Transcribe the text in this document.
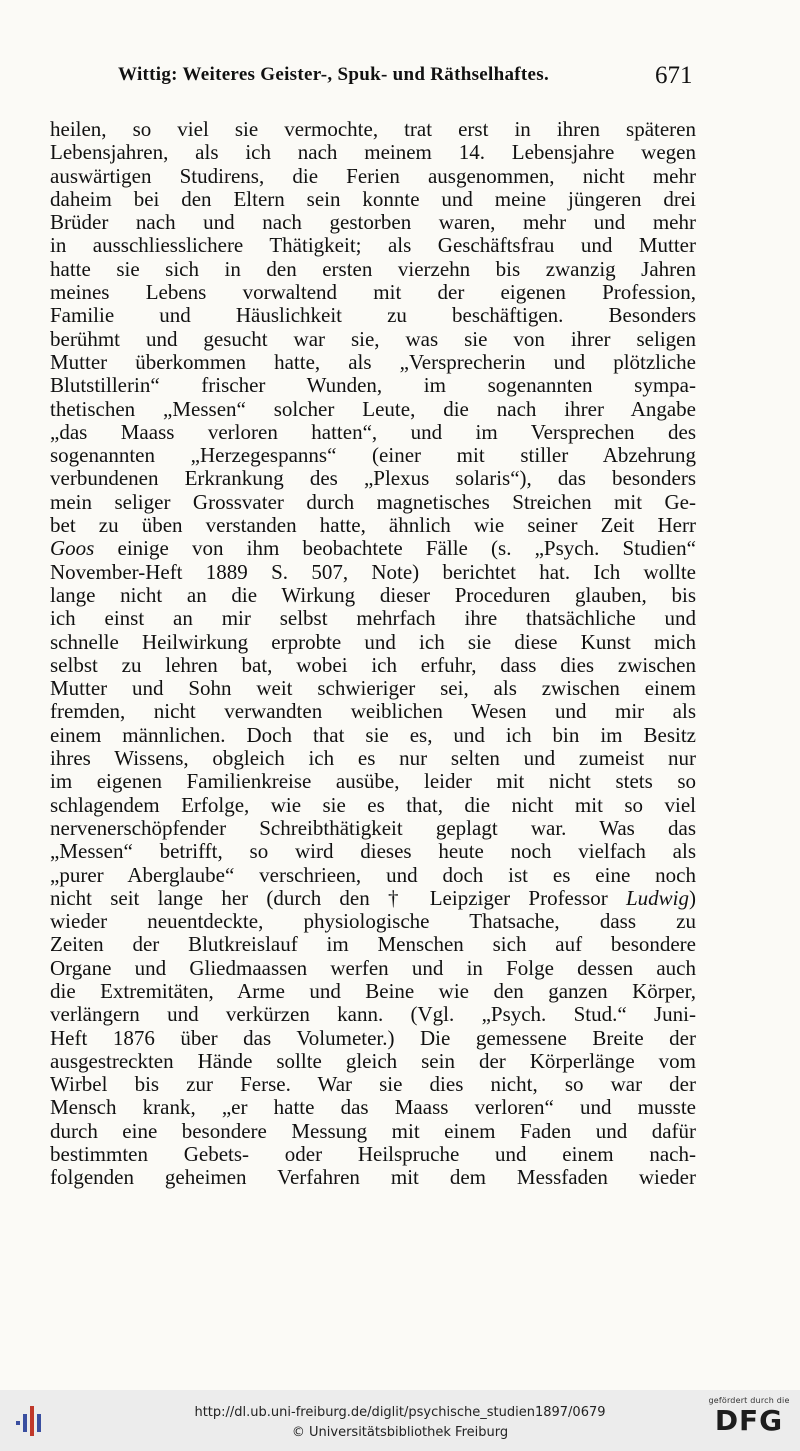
Wittig: Weiteres Geister-, Spuk- und Räthselhaftes.	671
heilen, so viel sie vermochte, trat erst in ihren späteren
Lebensjahren, als ich nach meinem 14. Lebensjahre wegen
auswärtigen Studirens, die Ferien ausgenommen, nicht mehr
daheim bei den Eltern sein konnte und meine jüngeren drei
Brüder nach und nach gestorben waren, mehr und mehr
in ausschliesslichere Thätigkeit; als Geschäftsfrau und Mutter
hatte sie sich in den ersten vierzehn bis zwanzig Jahren
meines Lebens vorwaltend mit der eigenen Profession,
Familie und Häuslichkeit zu beschäftigen. Besonders
berühmt und gesucht war sie, was sie von ihrer seligen
Mutter überkommen hatte, als „Versprecherin und plötzliche
Blutstillerin“ frischer Wunden, im sogenannten sympa-
thetischen „Messen“ solcher Leute, die nach ihrer Angabe
„das Maass verloren hatten“, und im Versprechen des
sogenannten „Herzegespanns“ (einer mit stiller Abzehrung
verbundenen Erkrankung des „Plexus solaris“), das besonders
mein seliger Grossvater durch magnetisches Streichen mit Ge-
bet zu üben verstanden hatte, ähnlich wie seiner Zeit Herr
Goos einige von ihm beobachtete Fälle (s. „Psych. Studien“
November-Heft 1889 S. 507, Note) berichtet hat. Ich wollte
lange nicht an die Wirkung dieser Proceduren glauben, bis
ich einst an mir selbst mehrfach ihre thatsächliche und
schnelle Heilwirkung erprobte und ich sie diese Kunst mich
selbst zu lehren bat, wobei ich erfuhr, dass dies zwischen
Mutter und Sohn weit schwieriger sei, als zwischen einem
fremden, nicht verwandten weiblichen Wesen und mir als
einem männlichen. Doch that sie es, und ich bin im Besitz
ihres Wissens, obgleich ich es nur selten und zumeist nur
im eigenen Familienkreise ausübe, leider mit nicht stets so
schlagendem Erfolge, wie sie es that, die nicht mit so viel
nervenerschöpfender Schreibthätigkeit geplagt war. Was das
„Messen“ betrifft, so wird dieses heute noch vielfach als
„purer Aberglaube“ verschrieen, und doch ist es eine noch
nicht seit lange her (durch den † Leipziger Professor Ludwig)
wieder neuentdeckte, physiologische Thatsache, dass zu
Zeiten der Blutkreislauf im Menschen sich auf besondere
Organe und Gliedmaassen werfen und in Folge dessen auch
die Extremitäten, Arme und Beine wie den ganzen Körper,
verlängern und verkürzen kann. (Vgl. „Psych. Stud.“ Juni-
Heft 1876 über das Volumeter.) Die gemessene Breite der
ausgestreckten Hände sollte gleich sein der Körperlänge vom
Wirbel bis zur Ferse. War sie dies nicht, so war der
Mensch krank, „er hatte das Maass verloren“ und musste
durch eine besondere Messung mit einem Faden und dafür
bestimmten Gebets- oder Heilspruche und einem nach-
folgenden geheimen Verfahren mit dem Messfaden wieder
http://dl.ub.uni-freiburg.de/diglit/psychische_studien1897/0679
© Universitätsbibliothek Freiburg
gefördert durch die
DFG
